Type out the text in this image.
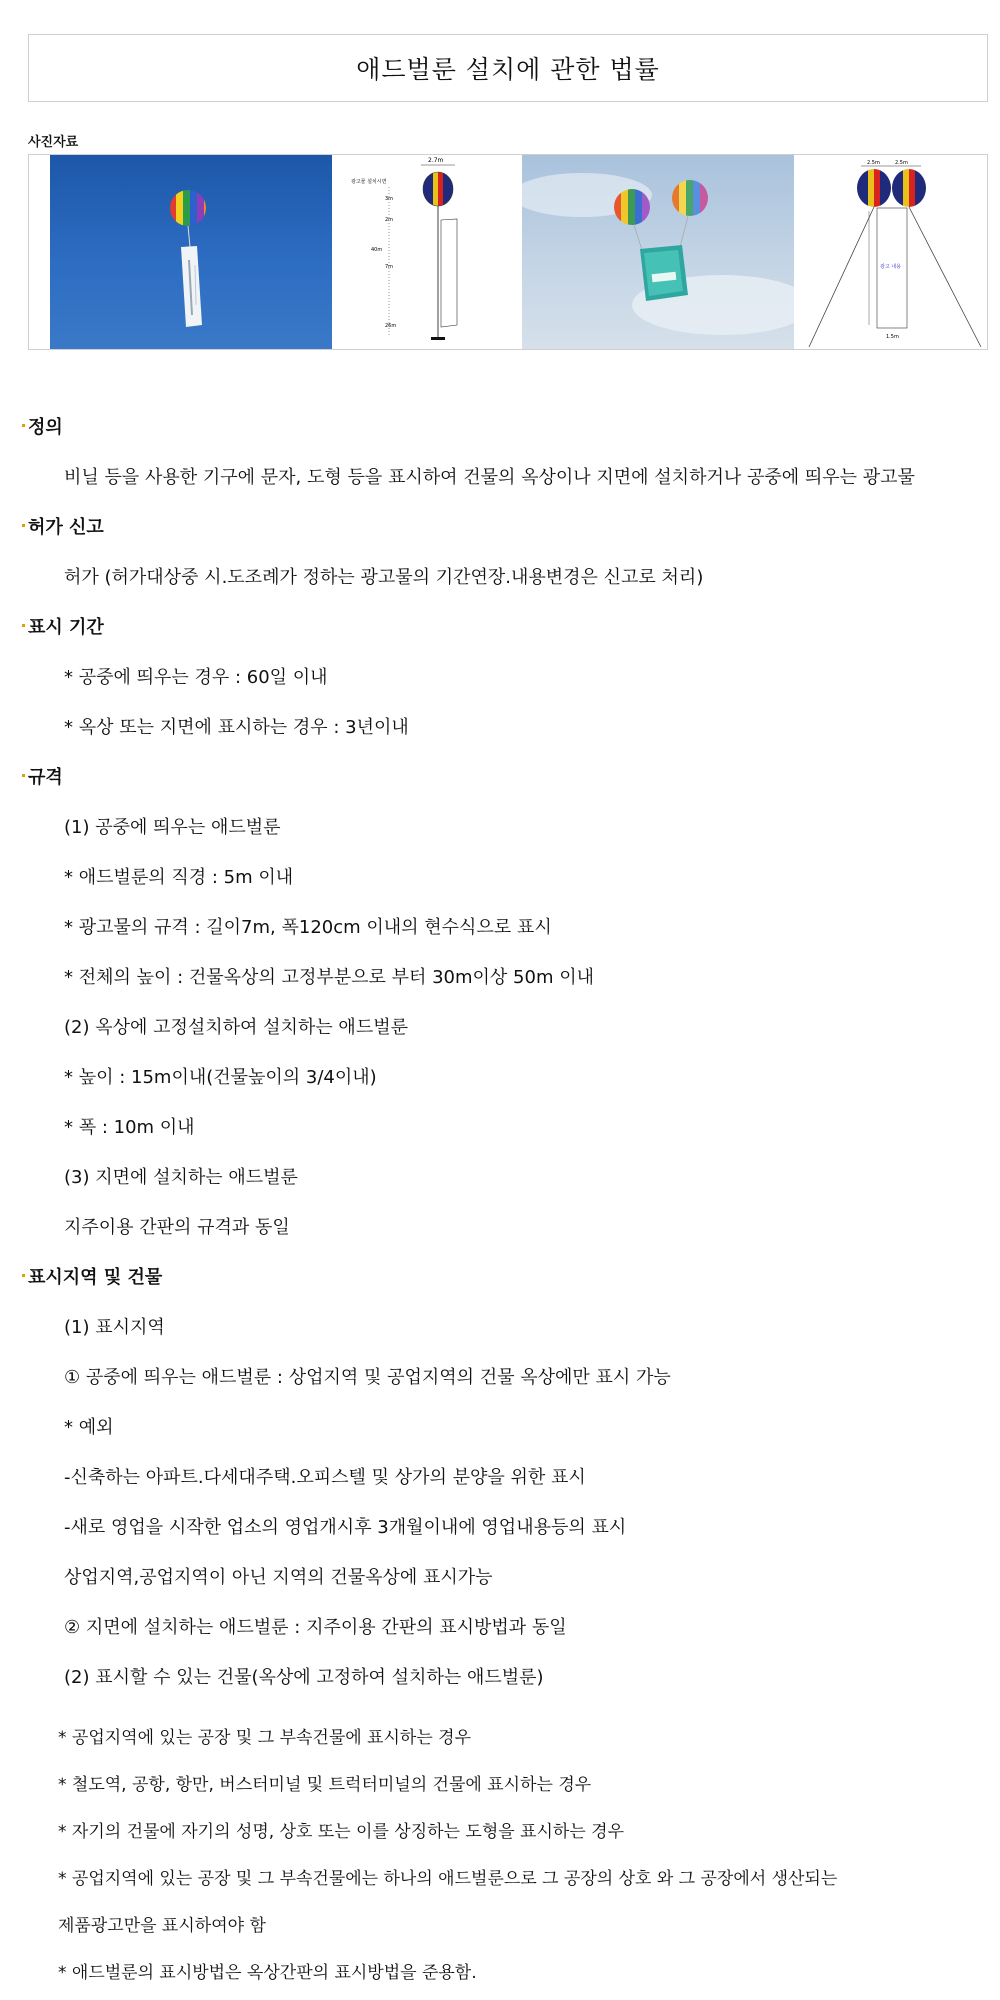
애드벌룬 설치에 관한 법률
사진자료
2.7m
광고물 설치시면
3m
2m
40m
7m
26m
2.5m	2.5m
광고 내용
1.5m
정의
비닐 등을 사용한 기구에 문자, 도형 등을 표시하여 건물의 옥상이나 지면에 설치하거나 공중에 띄우는 광고물
허가 신고
허가 (허가대상중 시.도조례가 정하는 광고물의 기간연장.내용변경은 신고로 처리)
표시 기간
* 공중에 띄우는 경우 : 60일 이내
* 옥상 또는 지면에 표시하는 경우 : 3년이내
규격
(1) 공중에 띄우는 애드벌룬
* 애드벌룬의 직경 : 5m 이내
* 광고물의 규격 : 길이7m, 폭120cm 이내의 현수식으로 표시
* 전체의 높이 : 건물옥상의 고정부분으로 부터 30m이상 50m 이내
(2) 옥상에 고정설치하여 설치하는 애드벌룬
* 높이 : 15m이내(건물높이의 3/4이내)
* 폭 : 10m 이내
(3) 지면에 설치하는 애드벌룬
지주이용 간판의 규격과 동일
표시지역 및 건물
(1) 표시지역
① 공중에 띄우는 애드벌룬 : 상업지역 및 공업지역의 건물 옥상에만 표시 가능
* 예외
-신축하는 아파트.다세대주택.오피스텔 및 상가의 분양을 위한 표시
-새로 영업을 시작한 업소의 영업개시후 3개월이내에 영업내용등의 표시
상업지역,공업지역이 아닌 지역의 건물옥상에 표시가능
② 지면에 설치하는 애드벌룬 : 지주이용 간판의 표시방법과 동일
(2) 표시할 수 있는 건물(옥상에 고정하여 설치하는 애드벌룬)
* 공업지역에 있는 공장 및 그 부속건물에 표시하는 경우
* 철도역, 공항, 항만, 버스터미널 및 트럭터미널의 건물에 표시하는 경우
* 자기의 건물에 자기의 성명, 상호 또는 이를 상징하는 도형을 표시하는 경우
* 공업지역에 있는 공장 및 그 부속건물에는 하나의 애드벌룬으로 그 공장의 상호 와 그 공장에서 생산되는
제품광고만을 표시하여야 함
* 애드벌룬의 표시방법은 옥상간판의 표시방법을 준용함.
